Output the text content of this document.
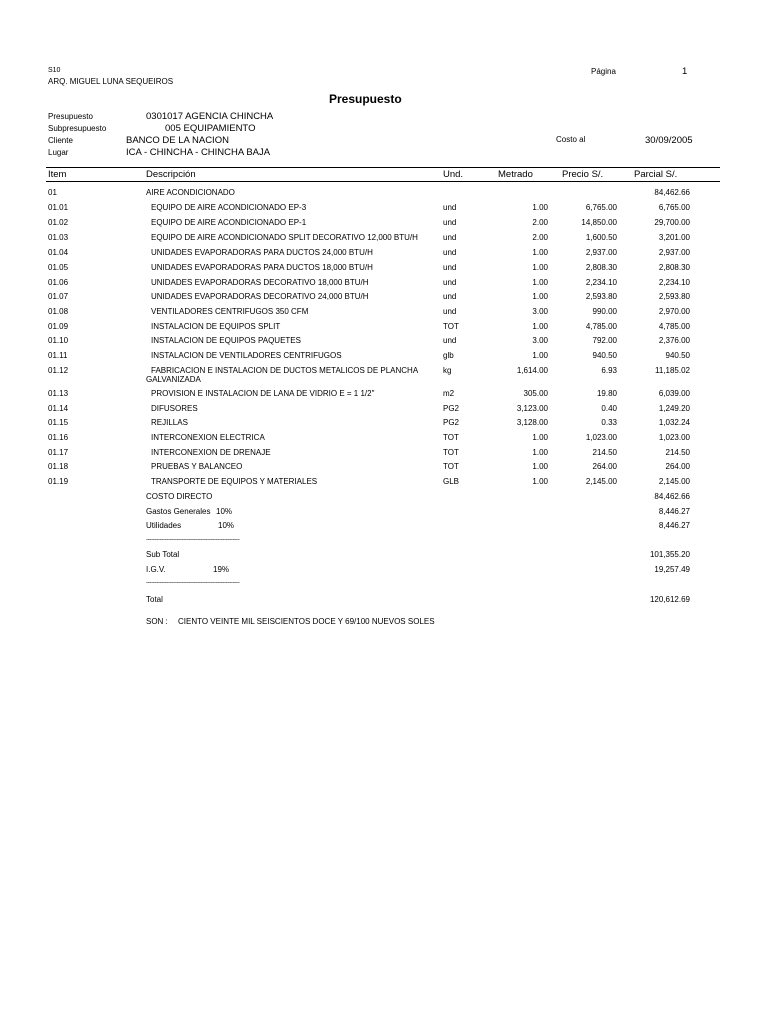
S10
ARQ. MIGUEL LUNA SEQUEIROS
Página	1
Presupuesto
Presupuesto	0301017 AGENCIA CHINCHA
Subpresupuesto	005 EQUIPAMIENTO
Cliente	BANCO DE LA NACION
Lugar	ICA - CHINCHA - CHINCHA BAJA
Costo al	30/09/2005
Item	Descripción	Und.	Metrado	Precio S/.	Parcial S/.
01	AIRE ACONDICIONADO	84,462.66
01.01	EQUIPO DE AIRE ACONDICIONADO EP-3	und	1.00	6,765.00	6,765.00
01.02	EQUIPO DE AIRE ACONDICIONADO EP-1	und	2.00	14,850.00	29,700.00
01.03	EQUIPO DE AIRE ACONDICIONADO SPLIT DECORATIVO 12,000 BTU/H	und	2.00	1,600.50	3,201.00
01.04	UNIDADES EVAPORADORAS PARA DUCTOS 24,000 BTU/H	und	1.00	2,937.00	2,937.00
01.05	UNIDADES EVAPORADORAS PARA DUCTOS 18,000 BTU/H	und	1.00	2,808.30	2,808.30
01.06	UNIDADES EVAPORADORAS DECORATIVO 18,000 BTU/H	und	1.00	2,234.10	2,234.10
01.07	UNIDADES EVAPORADORAS DECORATIVO 24,000 BTU/H	und	1.00	2,593.80	2,593.80
01.08	VENTILADORES CENTRIFUGOS 350 CFM	und	3.00	990.00	2,970.00
01.09	INSTALACION DE EQUIPOS SPLIT	TOT	1.00	4,785.00	4,785.00
01.10	INSTALACION DE EQUIPOS PAQUETES	und	3.00	792.00	2,376.00
01.11	INSTALACION DE VENTILADORES CENTRIFUGOS	glb	1.00	940.50	940.50
01.12	FABRICACION E INSTALACION DE DUCTOS METALICOS DE PLANCHA	kg	1,614.00	6.93	11,185.02
GALVANIZADA
01.13	PROVISION E INSTALACION DE LANA DE VIDRIO E = 1 1/2"	m2	305.00	19.80	6,039.00
01.14	DIFUSORES	PG2	3,123.00	0.40	1,249.20
01.15	REJILLAS	PG2	3,128.00	0.33	1,032.24
01.16	INTERCONEXION ELECTRICA	TOT	1.00	1,023.00	1,023.00
01.17	INTERCONEXION DE DRENAJE	TOT	1.00	214.50	214.50
01.18	PRUEBAS Y BALANCEO	TOT	1.00	264.00	264.00
01.19	TRANSPORTE DE EQUIPOS Y MATERIALES	GLB	1.00	2,145.00	2,145.00
COSTO DIRECTO	84,462.66
Gastos Generales 10%	8,446.27
Utilidades	10%	8,446.27
-------------------------------------------------------
Sub Total	101,355.20
I.G.V.	19%	19,257.49
-------------------------------------------------------
Total	120,612.69
SON : CIENTO VEINTE MIL SEISCIENTOS DOCE Y 69/100 NUEVOS SOLES
